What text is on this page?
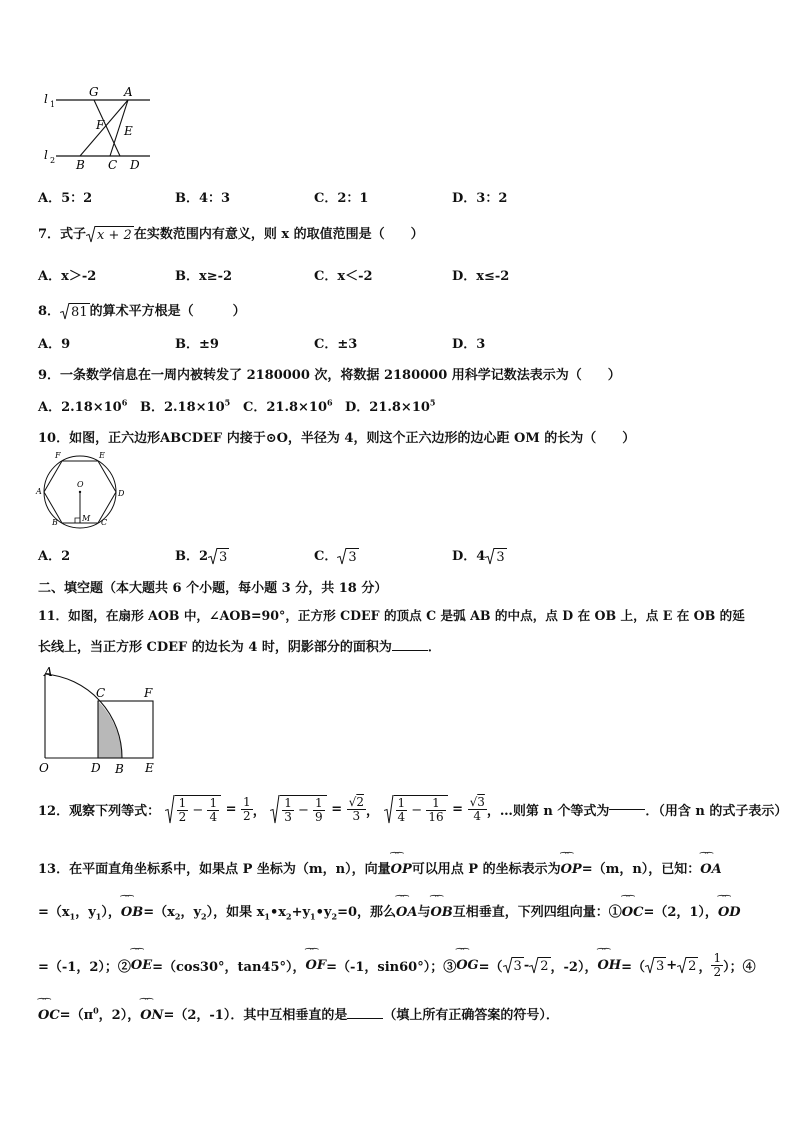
l 1
l 2
G A
F E
B C D
A．5：2	B．4：3	C．2：1	D．3：2
7．式子 x + 2 在实数范围内有意义，则 x 的取值范围是（　　）
A．x＞-2	B．x≥-2	C．x＜-2	D．x≤-2
8． 81 的算术平方根是（　　　）
A．9	B．±9	C．±3	D．3
9．一条数学信息在一周内被转发了 2180000 次，将数据 2180000 用科学记数法表示为（　　）
A．$2.18\times 10^6$ B．$2.18\times 10^5$ C．$21.8\times 10^6$ D．$21.8\times 10^5$
10．如图，正六边形ABCDEF 内接于⊙O，半径为 4，则这个正六边形的边心距 OM 的长为（　　）
F	E
A	D
B	C
O
M
A．2	B．2 3	C． 3	D．4 3
二、填空题（本大题共 6 个小题，每小题 3 分，共 18 分）
11．如图，在扇形 AOB 中，∠AOB=90°，正方形 CDEF 的顶点 C 是弧 AB 的中点，点 D 在 OB 上，点 E 在 OB 的延
长线上，当正方形 CDEF 的边长为 4 时，阴影部分的面积为	．
A
C	F
O	D B E
12．观察下列等式： $\frac{1}{2} - \frac{1}{4} = \frac{1}{2}$ ， $\frac{1}{3} - \frac{1}{9} = \frac{√2}{3}$ ， $\frac{1}{4} - \frac{1}{16} = \frac{√3}{4}$ ，…则第 n 个等式为	．（用含 n 的式子表示）
13．在平面直角坐标系中，如果点 P 坐标为（m，n），向量⁀⁀ OP可以用点 P 的坐标表示为⁀⁀ OP=（m，n），已知：⁀⁀ OA
$=(x_1$，$y_1$），⁀⁀ $OB=(x_2$，$y_2$），如果 $x_1•x_2+y_1•y_2=0$，那么⁀⁀ OA与⁀⁀ OB互相垂直，下列四组向量：①⁀⁀ OC=（2，1），⁀⁀ OD
=（-1，2）；②⁀⁀ OE=（cos30°，tan45°），⁀⁀ OF=（-1，sin60°）；③⁀⁀ OG=（ 3 - 2 ，-2），⁀⁀ OH=（ 3 + 2 ， $\frac{1}{2}$ ）；④
⁀⁀ $OC=(\pi^0$，2），⁀⁀ ON=（2，-1）．其中互相垂直的是	（填上所有正确答案的符号）．
